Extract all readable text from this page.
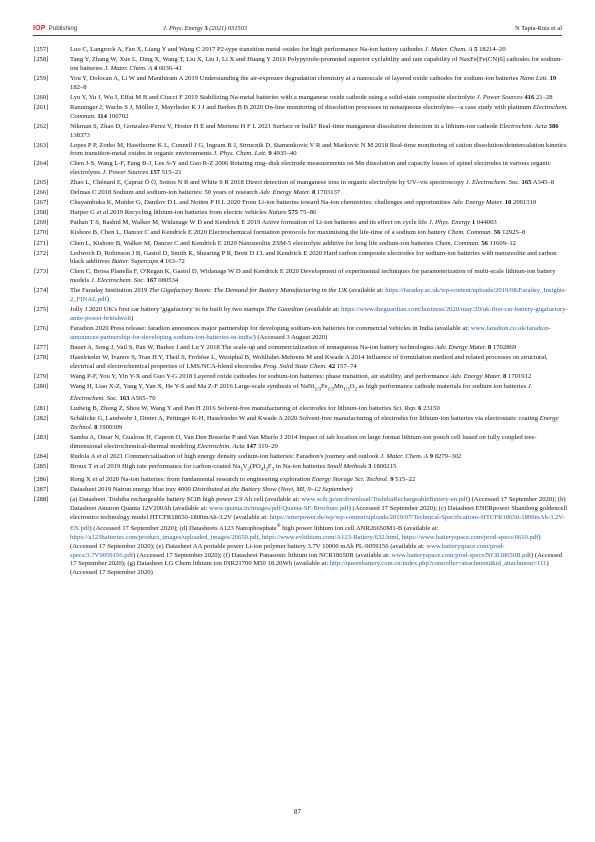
IOP Publishing	J. Phys. Energy 3 (2021) 031503	N Tapia-Ruiz et al
[257]	Luo C, Langrock A, Fan X, Liang Y and Wang C 2017 P2-type transition metal oxides for high performance Na-ion battery cathodes J. Mater. Chem. A 5 18214–20
[258]	Tang Y, Zhang W, Xue L, Ding X, Wang T, Liu X, Liu J, Li X and Huang Y 2016 Polypyrrole-promoted superior cyclability and rate capability of NaxFe[Fe(CN)6] cathodes for sodium-ion batteries J. Mater. Chem. A 4 6036–41
[259]	You Y, Dolocan A, Li W and Manthiram A 2019 Understanding the air-exposure degradation chemistry at a nanoscale of layered oxide cathodes for sodium-ion batteries Nano Lett. 19 182–8
[260]	Lyu Y, Yu J, Wu J, Effat M B and Ciucci F 2019 Stabilizing Na-metal batteries with a manganese oxide cathode using a solid-state composite electrolyte J. Power Sources 416 21–28
[261]	Ranninger J, Wachs S J, Möller J, Mayrhofer K J J and Berkes B B 2020 On-line monitoring of dissolution processes in nonaqueous electrolytes—a case study with platinum Electrochem. Commun. 114 106702
[262]	Nikman S, Zhao D, Gonzalez-Perez V, Hoster H E and Mertens H F L 2021 Surface or bulk? Real-time manganese dissolution detection in a lithium-ion cathode Electrochim. Acta 386 138373
[263]	Lopes P P, Zorko M, Hawthorne K L, Connell J G, Ingram B J, Strmcnik D, Stamenkovic V R and Markovic N M 2018 Real-time monitoring of cation dissolution/deintercalation kinetics from transition-metal oxides in organic environments J. Phys. Chem. Lett. 9 4935–40
[264]	Chen J-S, Wang L-F, Fang B-J, Lee S-Y and Guo R-Z 2006 Rotating ring–disk electrode measurements on Mn dissolution and capacity losses of spinel electrodes in various organic electrolytes J. Power Sources 157 515–21
[265]	Zhao L, Chénard E, Çapraz Ö Ö, Sottos N R and White S R 2018 Direct detection of manganese ions in organic electrolyte by UV–vis spectroscopy J. Electrochem. Soc. 165 A345–8
[266]	Delmas C 2018 Sodium and sodium-ion batteries: 50 years of research Adv. Energy Mater. 8 1703137
[267]	Chayambuka K, Mulder G, Danilov D L and Notten P H L 2020 From Li-ion batteries toward Na-ion chemistries: challenges and opportunities Adv. Energy Mater. 10 2001310
[268]	Harper G et al 2019 Recycling lithium-ion batteries from electric vehicles Nature 575 75–86
[269]	Pathan T S, Rashid M, Walker M, Widanage W D and Kendrick E 2019 Active formation of Li-ion batteries and its effect on cycle life J. Phys. Energy 1 044003
[270]	Kishore B, Chen L, Dancer C and Kendrick E 2020 Electrochemical formation protocols for maximising the life-time of a sodium ion battery Chem. Commun. 56 12925–8
[271]	Chen L, Kishore B, Walker M, Dancer C and Kendrick E 2020 Nanozeolite ZSM-5 electrolyte additive for long life sodium-ion batteries Chem. Commun. 56 11609–12
[272]	Ledwoch D, Robinson J B, Gastol D, Smith K, Shearing P R, Brett D J L and Kendrick E 2020 Hard carbon composite electrodes for sodium-ion batteries with nanozeolite and carbon black additives Batter. Supercaps 4 163–72
[273]	Chen C, Brosa Planella F, O'Regan K, Gastol D, Widanage W D and Kendrick E 2020 Development of experimental techniques for parameterization of multi-scale lithium-ion battery models J. Electrochem. Soc. 167 080534
[274]	The Faraday Institution 2019 The Gigafactory Boom: The Demand for Battery Manufacturing in the UK (available at: https://faraday.ac.uk/wp-content/uploads/2019/08/Faraday_Insights-2_FINAL.pdf)
[275]	Jolly J 2020 UK's first car battery 'gigafactory' to be built by two startups The Guardian (available at: https://www.theguardian.com/business/2020/may/20/uk-first-car-battery-gigafactory-amte-power-britishvolt)
[276]	Faradion 2020 Press release: faradion announces major partnership for developing sodium-ion batteries for commercial vehicles in India (available at: www.faradion.co.uk/faradion-announces-partnership-for-developing-sodium-ion-batteries-in-india/) (Accessed 3 August 2020)
[277]	Bauer A, Song J, Vail S, Pan W, Barker J and Lu Y 2018 The scale-up and commercialization of nonaqueous Na-ion battery technologies Adv. Energy Mater. 8 1702869
[278]	Haselrieder W, Ivanov S, Tran H Y, Theil S, Froböse L, Westphal B, Wohlfahrt-Mehrens M and Kwade A 2014 Influence of formulation method and related processes on structural, electrical and electrochemical properties of LMS/NCA-blend electrodes Prog. Solid State Chem. 42 157–74
[279]	Wang P-F, You Y, Yin Y-X and Guo Y-G 2018 Layered oxide cathodes for sodium-ion batteries: phase transition, air stability, and performance Adv. Energy Mater. 8 1701912
[280]	Wang H, Liao X-Z, Yang Y, Yan X, He Y-S and Ma Z-F 2016 Large-scale synthesis of $NaNi_{1/3}Fe_{1/3}Mn_{1/3}O_2$ as high performance cathode materials for sodium ion batteries J. Electrochem. Soc. 163 A565–70
[281]	Ludwig B, Zheng Z, Shou W, Wang Y and Pan H 2016 Solvent-free manufacturing of electrodes for lithium-ion batteries Sci. Rep. 6 23150
[282]	Schälicke G, Landwehr I, Dinter A, Pettinger K-H, Haselrieder W and Kwade A 2020 Solvent-free manufacturing of electrodes for lithium-ion batteries via electrostatic coating Energy Technol. 8 1900309
[283]	Samba A, Omar N, Gualous H, Capron O, Van Den Bossche P and Van Mierlo J 2014 Impact of tab location on large format lithium-ion pouch cell based on fully coupled tree-dimensional electrochemical-thermal modeling Electrochim. Acta 147 319–29
[284]	Rudola A et al 2021 Commercialisation of high energy density sodium-ion batteries: Faradion's journey and outlook J. Mater. Chem. A 9 8279–302
[285]	Broux T et al 2019 High rate performance for carbon-coated $Na_3V_2(PO_4)_2F_3$ in Na-ion batteries Small Methods 3 1800215
[286]	Rong X et al 2020 Na-ion batteries: from fundamental research to engineering exploration Energy Storage Sci. Technol. 9 515–22
[287]	Datasheet 2019 Natron energy blue tray 4000 Distributed at the Battery Show (Novi, MI, 9–12 September)
[288]	(a) Datasheet. Toshiba rechargeable battery SCiB high power 2.9 Ah cell (available at: www.scib.jp/en/download/ToshibaRechargeableBattery-en.pdf) (Accessed 17 September 2020); (b) Datasheet Amaron Quanta 12V200Ah (available at: www.quanta.in/images/pdf/Quanta-SF-Brochure.pdf) (Accessed 17 September 2020); (c) Datasheet ENERpower Shandong goldencell electronics technology model HTCFR18650-1800mAh-3.2V (available at: https://enerpower.de/wp/wp-content/uploads/2019/07/Technical-Specifications-HTCFR18650-1800mAh-3.2V-EN.pdf) (Accessed 17 September 2020); (d) Datasheets A123 Nanophosphate® high power lithium ion cell ANR26650M1-B (available at: https://a123batteries.com/product_images/uploaded_images/26650.pdf, https://www.evlithium.com/A123-Battery/632.html, https://www.batteryspace.com/prod-specs/6610.pdf) (Accessed 17 September 2020); (e) Datasheet AA portable power Li-ion polymer battery 3.7V 10000 mAh PL-9059156 (available at: www.batteryspace.com/prod-specs/3.7V9059156.pdf) (Accessed 17 September 2020); (f) Datasheet Panasonic lithium ion NCR18650B (available at: www.batteryspace.com/prod-specs/NCR18650B.pdf) (Accessed 17 September 2020); (g) Datasheet LG Chem lithium ion INR21700 M50 18.20Wh (available at: http://queenbattery.com.cn/index.php?controller=attachment&id_attachment=111) (Accessed 17 September 2020)
87
